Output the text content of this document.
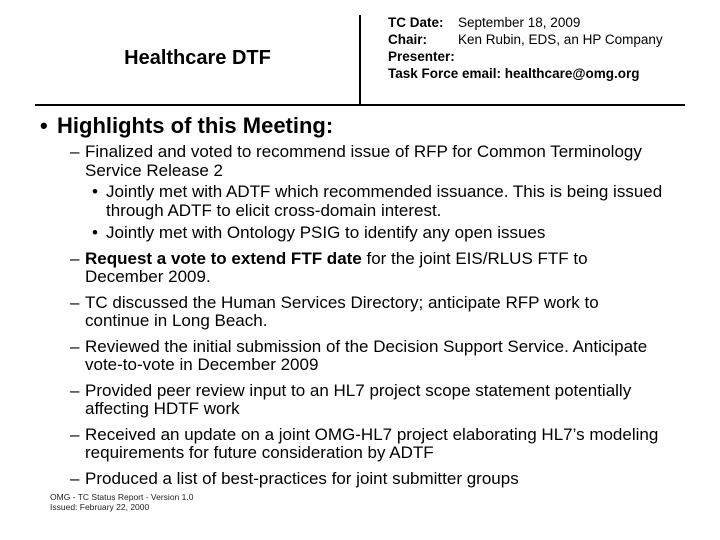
Healthcare DTF
TC Date: September 18, 2009
Chair: Ken Rubin, EDS, an HP Company
Presenter:
Task Force email: healthcare@omg.org
• Highlights of this Meeting:
– Finalized and voted to recommend issue of RFP for Common Terminology Service Release 2
• Jointly met with ADTF which recommended issuance. This is being issued through ADTF to elicit cross-domain interest.
• Jointly met with Ontology PSIG to identify any open issues
– Request a vote to extend FTF date for the joint EIS/RLUS FTF to December 2009.
– TC discussed the Human Services Directory; anticipate RFP work to continue in Long Beach.
– Reviewed the initial submission of the Decision Support Service. Anticipate vote-to-vote in December 2009
– Provided peer review input to an HL7 project scope statement potentially affecting HDTF work
– Received an update on a joint OMG-HL7 project elaborating HL7’s modeling requirements for future consideration by ADTF
– Produced a list of best-practices for joint submitter groups
OMG - TC Status Report - Version 1.0
Issued: February 22, 2000
